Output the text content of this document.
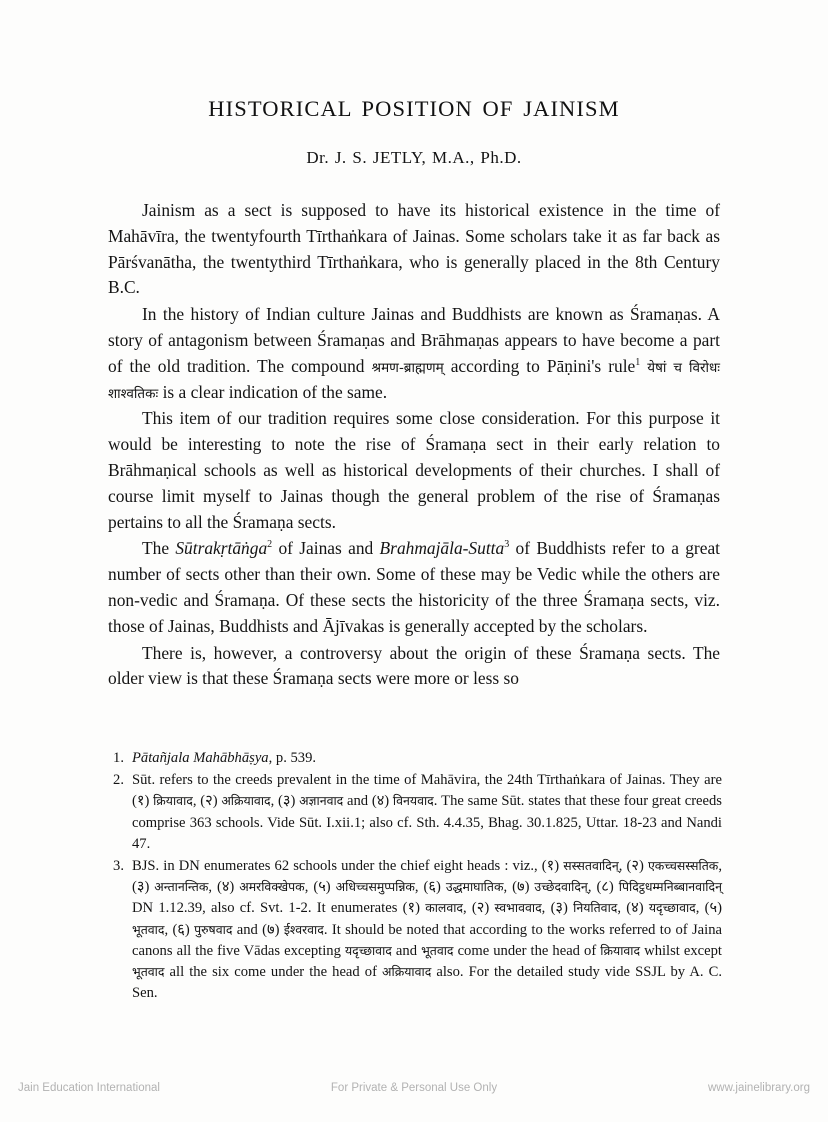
HISTORICAL POSITION OF JAINISM
Dr. J. S. JETLY, M.A., Ph.D.

Jainism as a sect is supposed to have its historical existence in the time of Mahāvīra, the twentyfourth Tīrthaṅkara of Jainas. Some scholars take it as far back as Pārśvanātha, the twentythird Tīrthaṅkara, who is generally placed in the 8th Century B.C.

In the history of Indian culture Jainas and Buddhists are known as Śramaṇas. A story of antagonism between Śramaṇas and Brāhmaṇas appears to have become a part of the old tradition. The compound श्रमण-ब्राह्मणम् according to Pāṇini's rule$^1$ येषां च विरोधः शाश्वतिकः is a clear indication of the same.

This item of our tradition requires some close consideration. For this purpose it would be interesting to note the rise of Śramaṇa sect in their early relation to Brāhmaṇical schools as well as historical developments of their churches. I shall of course limit myself to Jainas though the general problem of the rise of Śramaṇas pertains to all the Śramaṇa sects.

The Sūtrakṛtāṅga$^2$ of Jainas and Brahmajāla-Sutta$^3$ of Buddhists refer to a great number of sects other than their own. Some of these may be Vedic while the others are non-vedic and Śramaṇa. Of these sects the historicity of the three Śramaṇa sects, viz. those of Jainas, Buddhists and Ājīvakas is generally accepted by the scholars.

There is, however, a controversy about the origin of these Śramaṇa sects. The older view is that these Śramaṇa sects were more or less so

1. Pātañjala Mahābhāṣya, p. 539.
2. Sūt. refers to the creeds prevalent in the time of Mahāvira, the 24th Tīrthaṅkara of Jainas. They are (१) क्रियावाद, (२) अक्रियावाद, (३) अज्ञानवाद and (४) विनयवाद. The same Sūt. states that these four great creeds comprise 363 schools. Vide Sūt. I.xii.1; also cf. Sth. 4.4.35, Bhag. 30.1.825, Uttar. 18-23 and Nandi 47.
3. BJS. in DN enumerates 62 schools under the chief eight heads : viz., (१) सस्सतवादिन्, (२) एकच्चसस्सतिक, (३) अन्तानन्तिक, (४) अमरविक्खेपक, (५) अधिच्चसमुप्पन्निक, (६) उद्धमाघातिक, (७) उच्छेदवादिन्, (८) पिदिट्ठधम्मनिब्बानवादिन् DN 1.12.39, also cf. Svt. 1-2. It enumerates (१) कालवाद, (२) स्वभाववाद, (३) नियतिवाद, (४) यदृच्छावाद, (५) भूतवाद, (६) पुरुषवाद and (७) ईश्वरवाद. It should be noted that according to the works referred to of Jaina canons all the five Vādas excepting यदृच्छावाद and भूतवाद come under the head of क्रियावाद whilst except भूतवाद all the six come under the head of अक्रियावाद also. For the detailed study vide SSJL by A. C. Sen.
Jain Education International	For Private & Personal Use Only	www.jainelibrary.org
